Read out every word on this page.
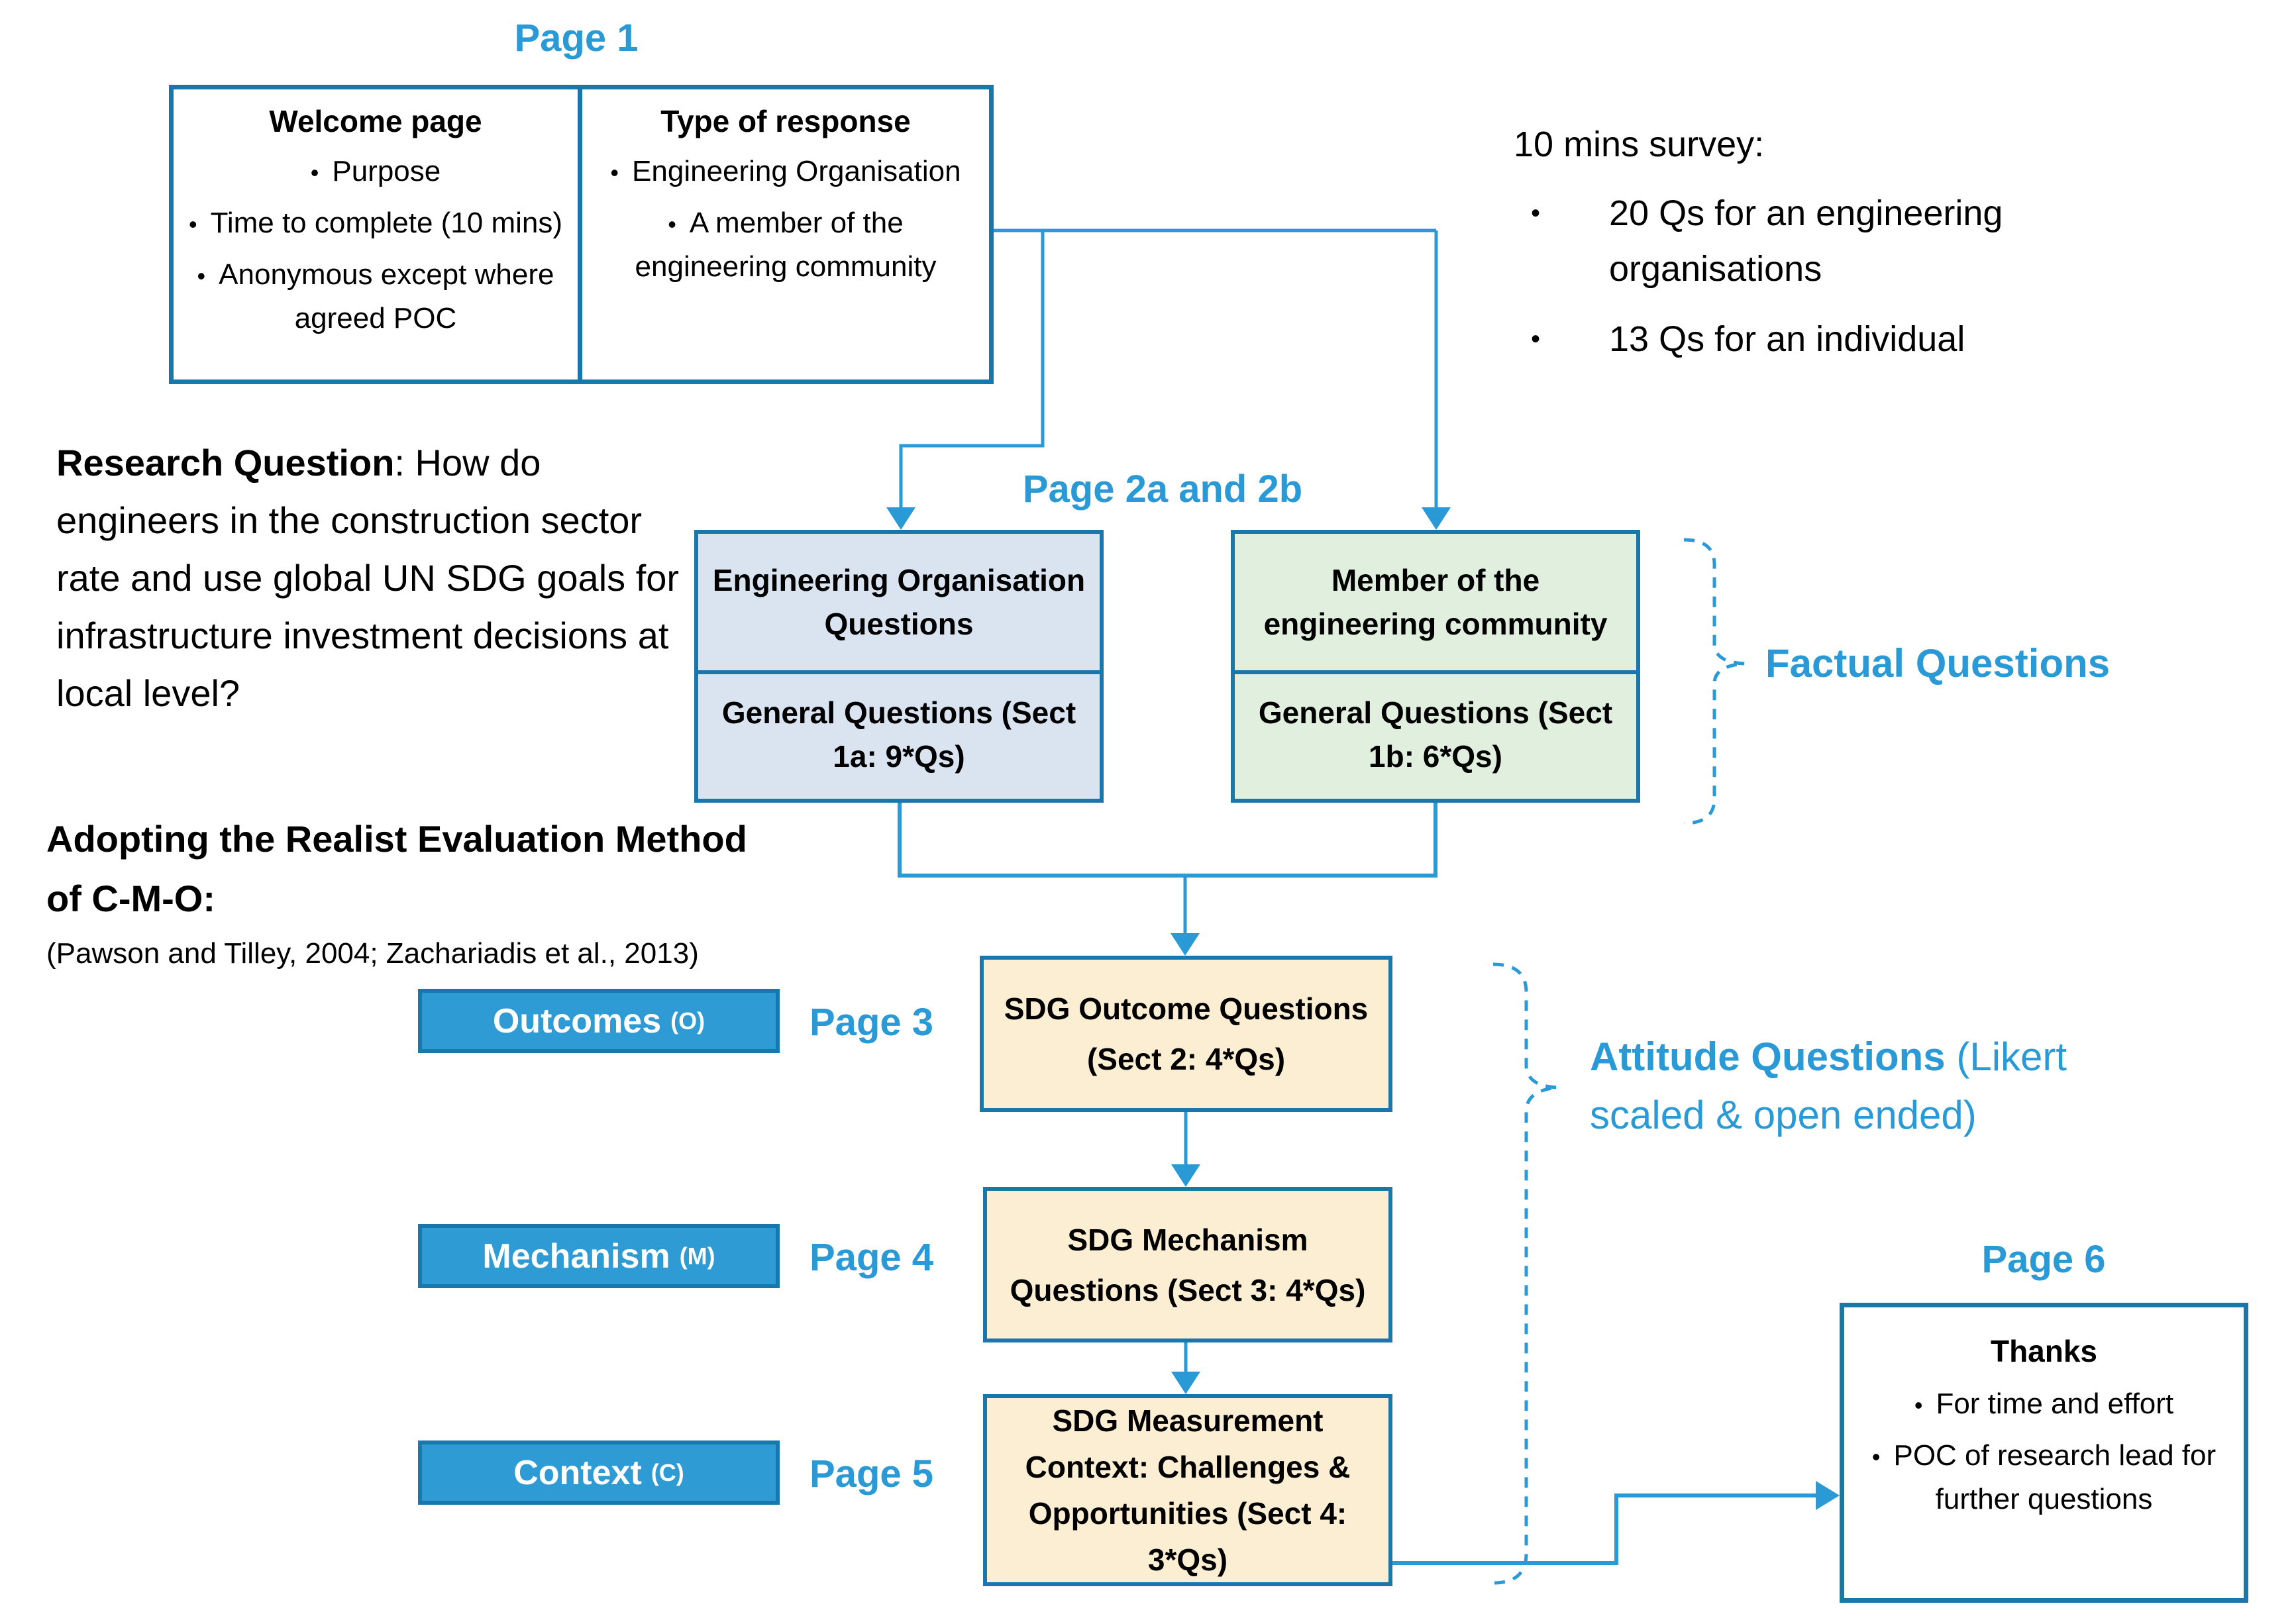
Page 1
Welcome page
•  Purpose
•  Time to complete (10 mins)
•  Anonymous except where agreed POC
Type of response
•  Engineering Organisation
•  A member of the engineering community
10 mins survey:
•	20 Qs for an engineering organisations
•	13 Qs for an individual
Research Question: How do engineers in the construction sector rate and use global UN SDG goals for infrastructure investment decisions at local level?
Page 2a and 2b
Engineering Organisation Questions
General Questions (Sect 1a: 9*Qs)
Member of the engineering community
General Questions (Sect 1b: 6*Qs)
Factual Questions
Adopting the Realist Evaluation Method of C-M-O:
(Pawson and Tilley, 2004; Zachariadis et al., 2013)
Outcomes (O)	Page 3	SDG Outcome Questions (Sect 2: 4*Qs)
Mechanism (M) Page 4	SDG Mechanism Questions (Sect 3: 4*Qs)
Context (C)	Page 5
SDG Measurement Context: Challenges & Opportunities (Sect 4: 3*Qs)
Attitude Questions (Likert scaled & open ended)
Page 6
Thanks
•  For time and effort
•  POC of research lead for further questions
